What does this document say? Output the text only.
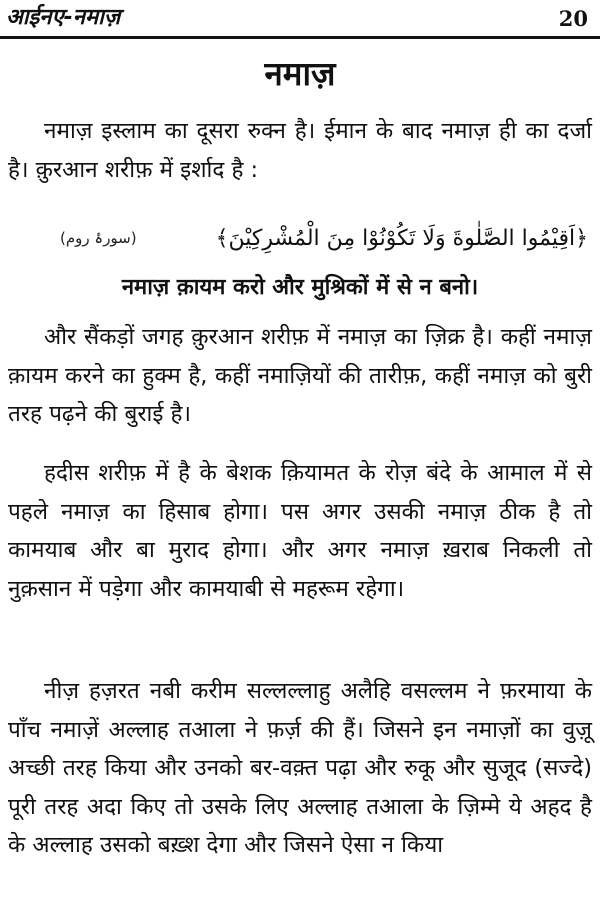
आईनए-नमाज़	20
नमाज़

नमाज़ इस्लाम का दूसरा रुक्न है। ईमान के बाद नमाज़ ही का दर्जा है। क़ुरआन शरीफ़ में इर्शाद है :

(سورۂ روم)	﴿اَقِيْمُوا الصَّلٰوةَ وَلَا تَكُوْنُوْا مِنَ الْمُشْرِكِيْنَ﴾
नमाज़ क़ायम करो और मुश्रिकों में से न बनो।

और सैंकड़ों जगह क़ुरआन शरीफ़ में नमाज़ का ज़िक्र है। कहीं नमाज़ क़ायम करने का हुक्म है, कहीं नमाज़ियों की तारीफ़, कहीं नमाज़ को बुरी तरह पढ़ने की बुराई है।

हदीस शरीफ़ में है के बेशक क़ियामत के रोज़ बंदे के आमाल में से पहले नमाज़ का हिसाब होगा। पस अगर उसकी नमाज़ ठीक है तो कामयाब और बा मुराद होगा। और अगर नमाज़ ख़राब निकली तो नुक़सान में पड़ेगा और कामयाबी से महरूम रहेगा।

नीज़ हज़रत नबी करीम सल्लल्लाहु अलैहि वसल्लम ने फ़रमाया के पाँच नमाज़ें अल्लाह तआला ने फ़र्ज़ की हैं। जिसने इन नमाज़ों का वुज़ू अच्छी तरह किया और उनको बर-वक़्त पढ़ा और रुकू और सुजूद (सज्दे) पूरी तरह अदा किए तो उसके लिए अल्लाह तआला के ज़िम्मे ये अहद है के अल्लाह उसको बख़्श देगा और जिसने ऐसा न किया
